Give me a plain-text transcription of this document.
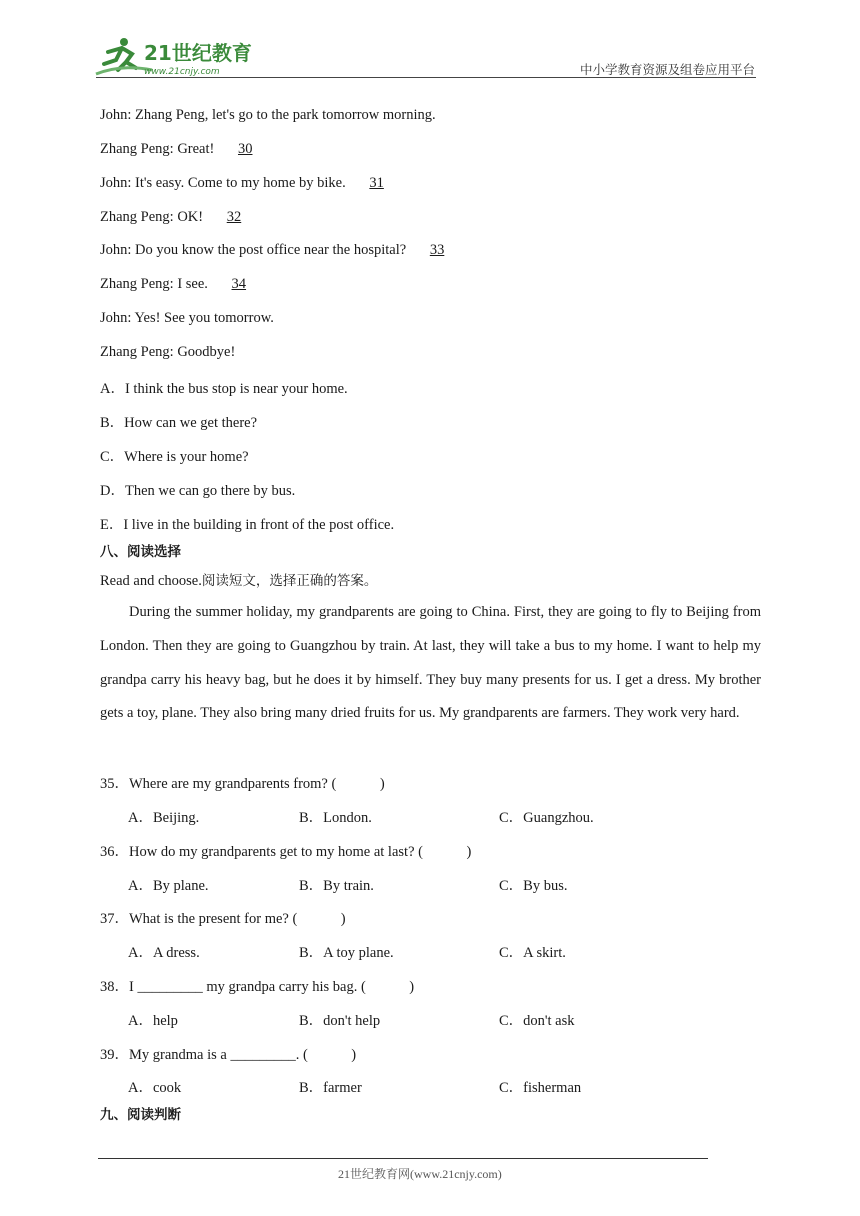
21世纪教育
www.21cnjy.com	中小学教育资源及组卷应用平台
John: Zhang Peng, let's go to the park tomorrow morning.
Zhang Peng: Great! 30
John: It's easy. Come to my home by bike. 31
Zhang Peng: OK! 32
John: Do you know the post office near the hospital? 33
Zhang Peng: I see. 34
John: Yes! See you tomorrow.
Zhang Peng: Goodbye!
A．I think the bus stop is near your home.
B．How can we get there?
C．Where is your home?
D．Then we can go there by bus.
E．I live in the building in front of the post office.
八、阅读选择
Read and choose.阅读短文，选择正确的答案。
During the summer holiday, my grandparents are going to China. First, they are going to fly to Beijing from London. Then they are going to Guangzhou by train. At last, they will take a bus to my home. I want to help my grandpa carry his heavy bag, but he does it by himself. They buy many presents for us. I get a dress. My brother gets a toy, plane. They also bring many dried fruits for us. My grandparents are farmers. They work very hard.
35．Where are my grandparents from? (　　　)
A．Beijing.	B．London.	C．Guangzhou.
36．How do my grandparents get to my home at last? (　　　)
A．By plane.	B．By train.	C．By bus.
37．What is the present for me? (　　　)
A．A dress.	B．A toy plane.	C．A skirt.
38．I _________ my grandpa carry his bag. (　　　)
A．help	B．don't help	C．don't ask
39．My grandma is a _________. (　　　)
A．cook	B．farmer	C．fisherman
九、阅读判断
21世纪教育网(www.21cnjy.com)
